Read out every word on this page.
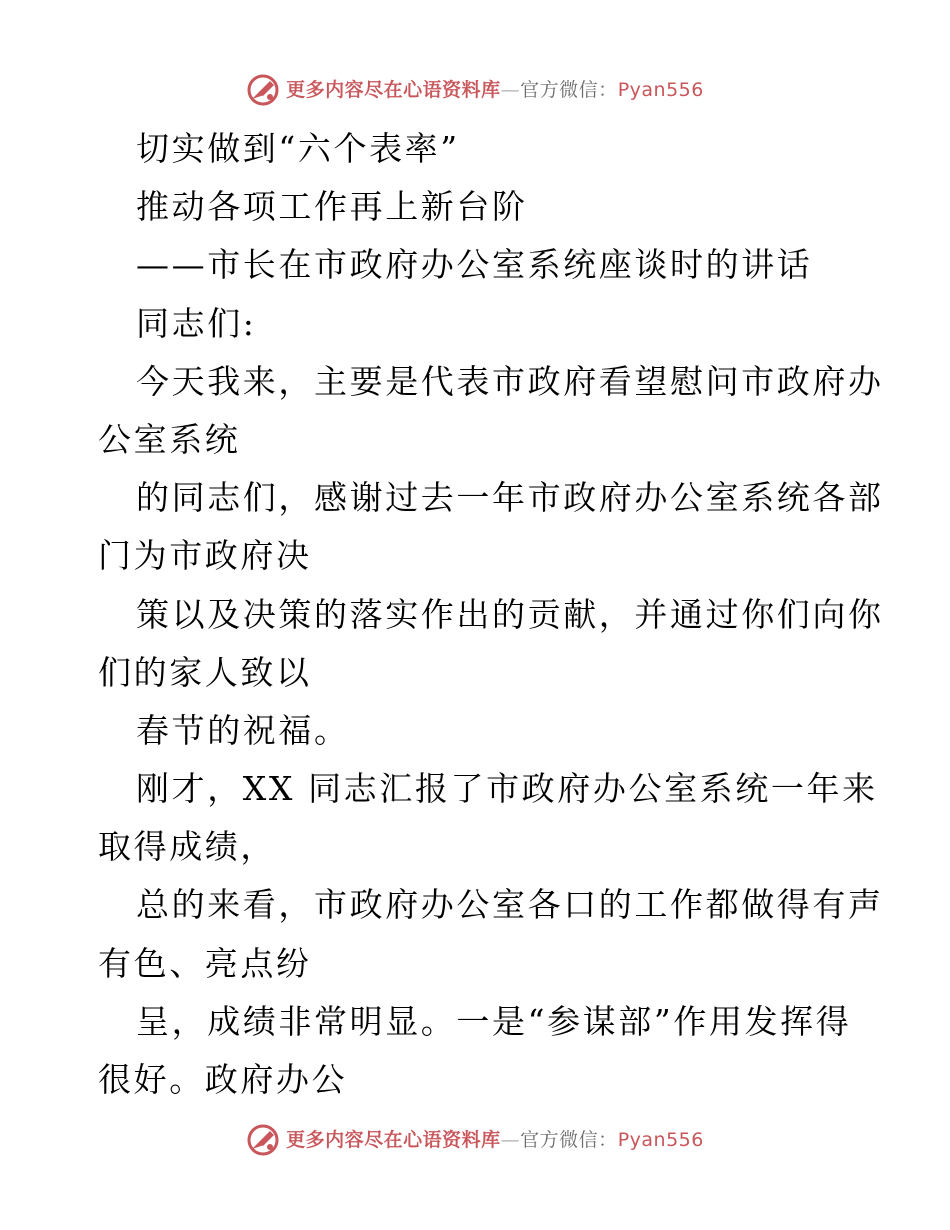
更多内容尽在心语资料库—官方微信：Pyan556
切实做到“六个表率”
推动各项工作再上新台阶
——市长在市政府办公室系统座谈时的讲话
同志们:
今天我来，主要是代表市政府看望慰问市政府办
公室系统
的同志们，感谢过去一年市政府办公室系统各部
门为市政府决
策以及决策的落实作出的贡献，并通过你们向你
们的家人致以
春节的祝福。
刚才，XX 同志汇报了市政府办公室系统一年来
取得成绩，
总的来看，市政府办公室各口的工作都做得有声
有色、亮点纷
呈，成绩非常明显。一是“参谋部”作用发挥得
很好。政府办公
更多内容尽在心语资料库—官方微信：Pyan556
